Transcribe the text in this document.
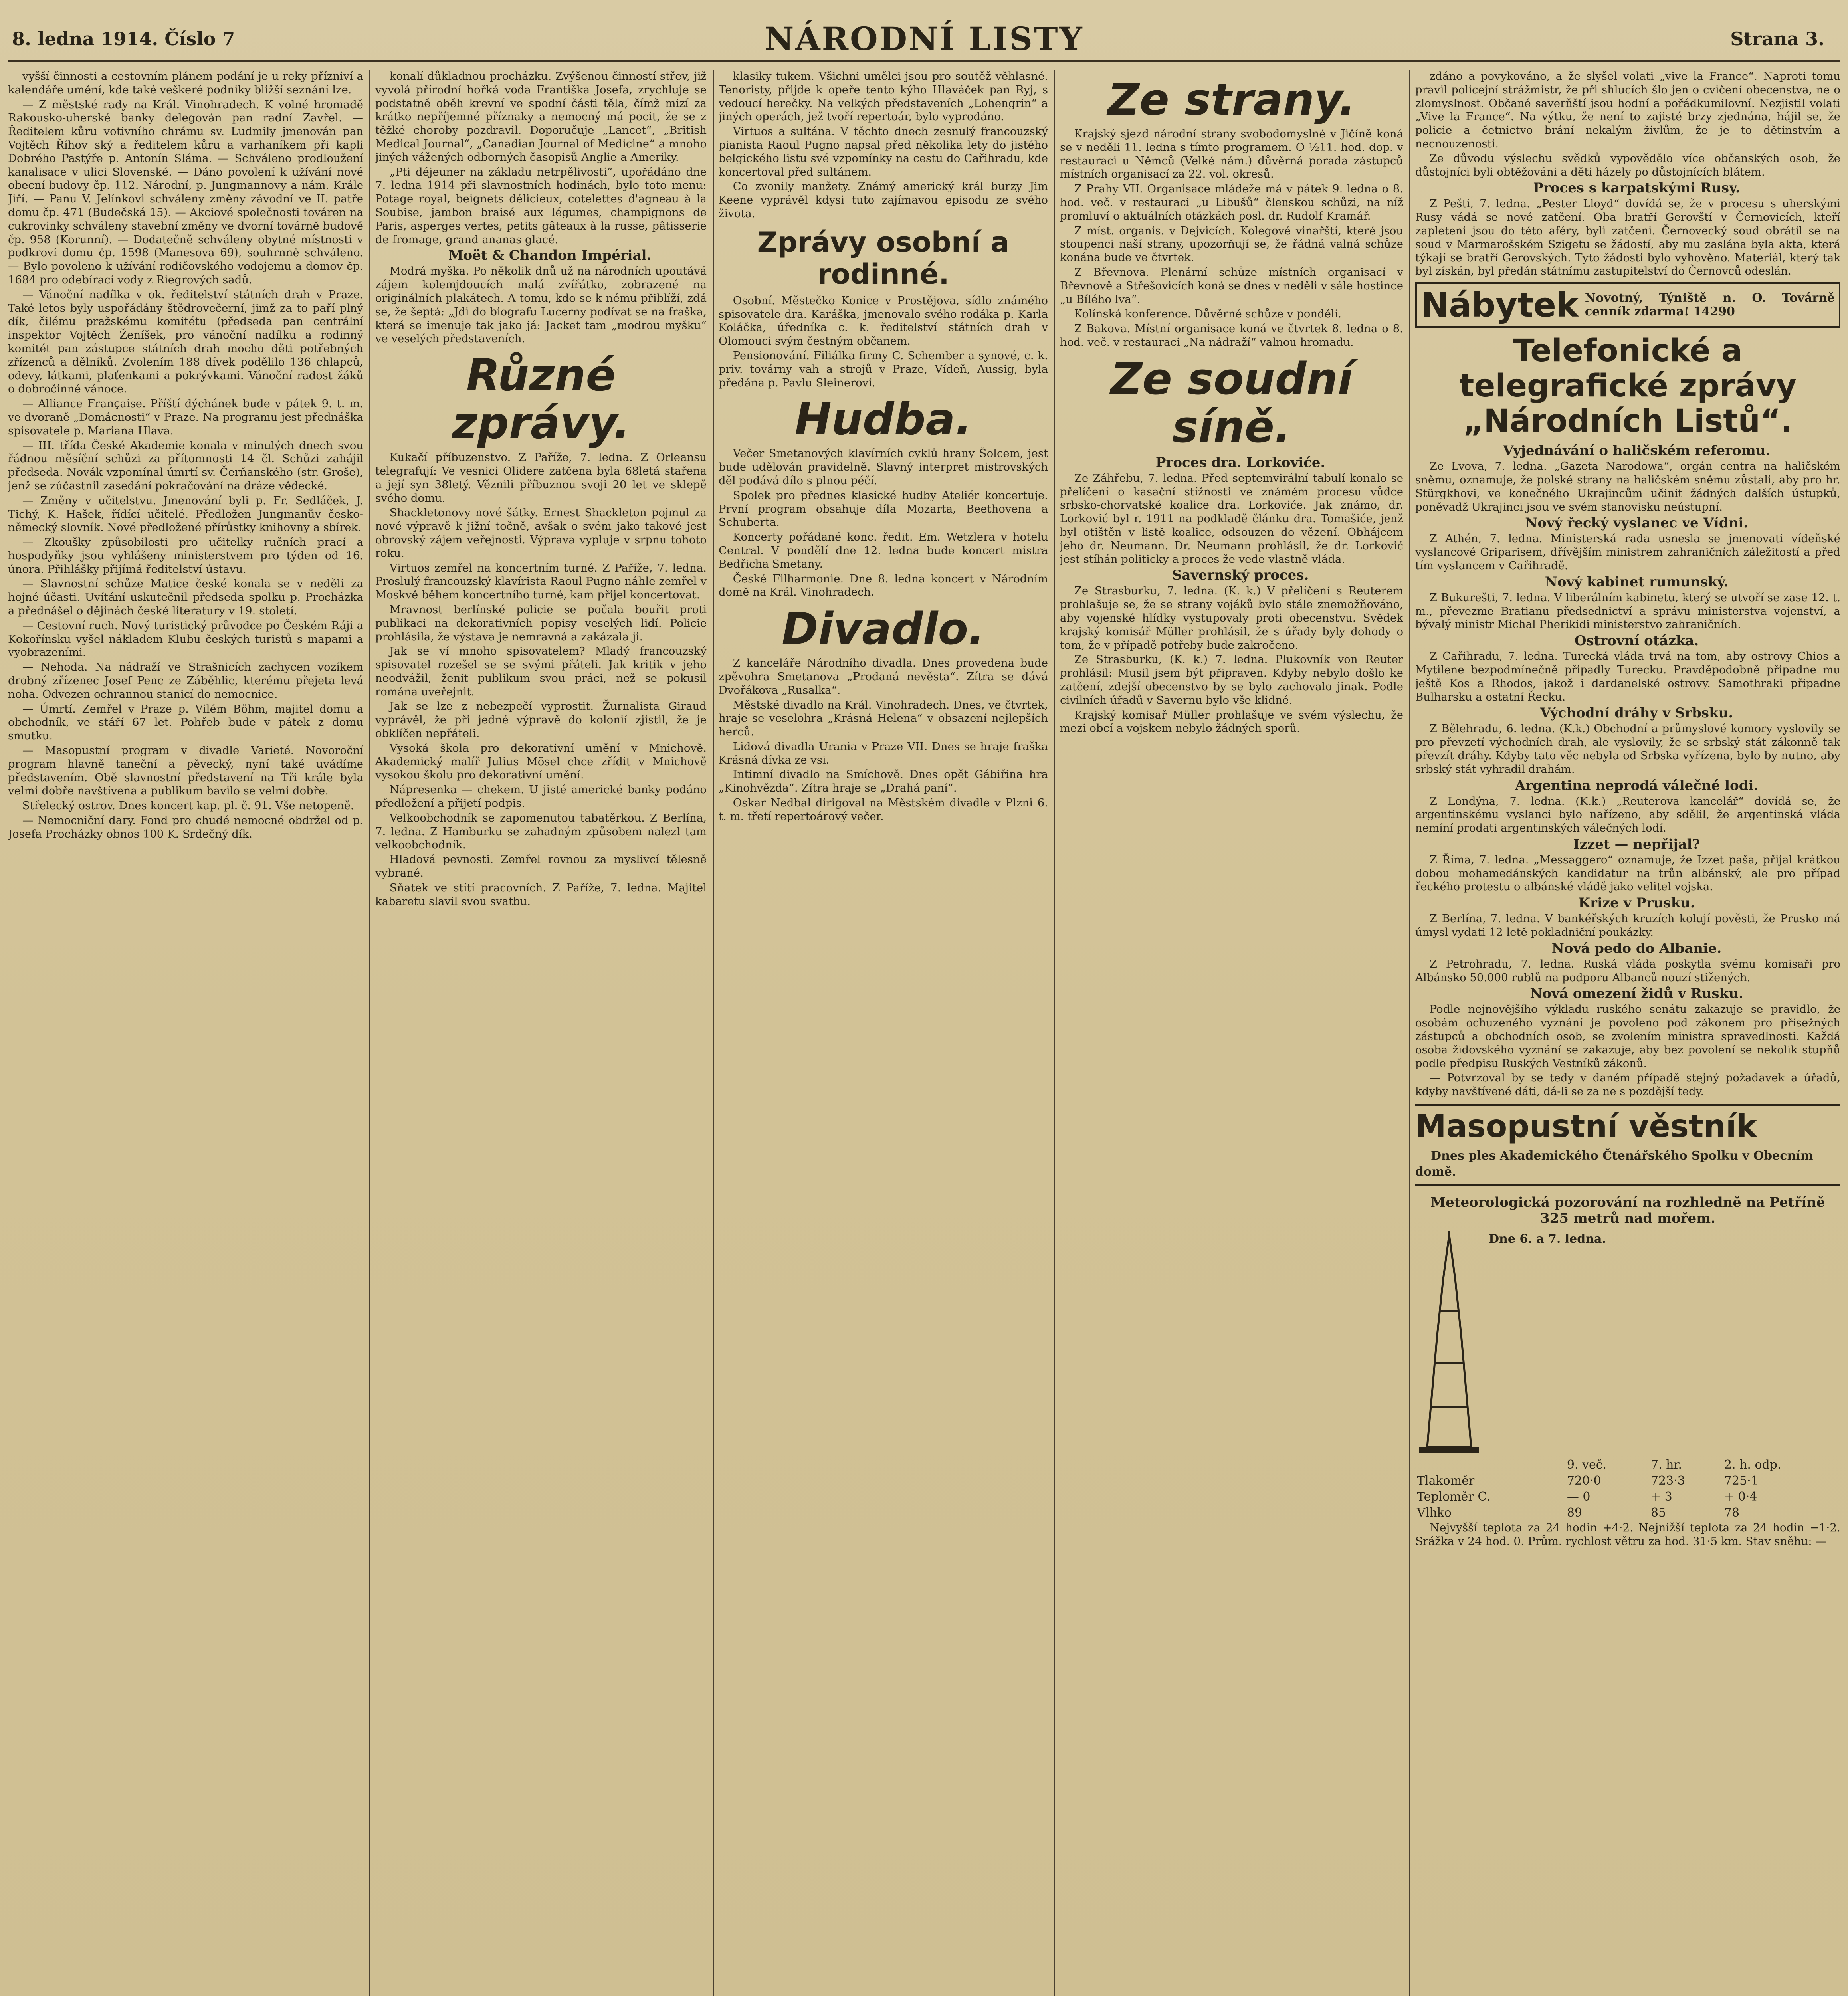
8. ledna 1914. Číslo 7	NÁRODNÍ LISTY	Strana 3.

vyšší činnosti a cestovním plánem podání je u reky přízniví a kalendáře umění, kde také veškeré podniky bližší seznání lze.

— Z městské rady na Král. Vinohradech. K volné hromadě Rakousko-uherské banky delegován pan radní Zavřel. — Ředitelem kůru votivního chrámu sv. Ludmily jmenován pan Vojtěch Říhov ský a ředitelem kůru a varhaníkem při kapli Dobrého Pastýře p. Antonín Sláma. — Schváleno prodloužení kanalisace v ulici Slovenské. — Dáno povolení k užívání nové obecní budovy čp. 112. Národní, p. Jungmannovy a nám. Krále Jiří. — Panu V. Jelínkovi schváleny změny závodní ve II. patře domu čp. 471 (Budečská 15). — Akciové společnosti továren na cukrovinky schváleny stavební změny ve dvorní továrně budově čp. 958 (Korunní). — Dodatečně schváleny obytné místnosti v podkroví domu čp. 1598 (Manesova 69), souhrnně schváleno. — Bylo povoleno k užívání rodičovského vodojemu a domov čp. 1684 pro odebírací vody z Riegrových sadů.

— Vánoční nadílka v ok. ředitelství státních drah v Praze. Také letos byly uspořádány štědrovečerní, jimž za to paří plný dík, čilému pražskému komitétu (předseda pan centrální inspektor Vojtěch Ženíšek, pro vánoční nadílku a rodinný komitét pan zástupce státních drah mocho děti potřebných zřízenců a dělníků. Zvolením 188 dívek podělilo 136 chlapců, odevy, látkami, plaťenkami a pokrývkami. Vánoční radost žáků o dobročinné vánoce.

— Alliance Française. Příští dýchánek bude v pátek 9. t. m. ve dvoraně „Domácnosti“ v Praze. Na programu jest přednáška spisovatele p. Mariana Hlava.

— III. třída České Akademie konala v minulých dnech svou řádnou měsíční schůzi za přítomnosti 14 čl. Schůzi zahájil předseda. Novák vzpomínal úmrtí sv. Čerňanského (str. Groše), jenž se zúčastnil zasedání pokračování na dráze vědecké.

— Změny v učitelstvu. Jmenování byli p. Fr. Sedláček, J. Tichý, K. Hašek, řídící učitelé. Předložen Jungmanův česko-německý slovník. Nové předložené přírůstky knihovny a sbírek.

— Zkoušky způsobilosti pro učitelky ručních prací a hospodyňky jsou vyhlášeny ministerstvem pro týden od 16. února. Přihlášky přijímá ředitelství ústavu.

— Slavnostní schůze Matice české konala se v neděli za hojné účasti. Uvítání uskutečnil předseda spolku p. Procházka a přednášel o dějinách české literatury v 19. století.

— Cestovní ruch. Nový turistický průvodce po Českém Ráji a Kokořínsku vyšel nákladem Klubu českých turistů s mapami a vyobrazeními.

— Nehoda. Na nádraží ve Strašnicích zachycen vozíkem drobný zřízenec Josef Penc ze Záběhlic, kterému přejeta levá noha. Odvezen ochrannou stanicí do nemocnice.

— Úmrtí. Zemřel v Praze p. Vilém Böhm, majitel domu a obchodník, ve stáří 67 let. Pohřeb bude v pátek z domu smutku.

— Masopustní program v divadle Varieté. Novoroční program hlavně taneční a pěvecký, nyní také uvádíme představením. Obě slavnostní představení na Tři krále byla velmi dobře navštívena a publikum bavilo se velmi dobře.

Střelecký ostrov. Dnes koncert kap. pl. č. 91. Vše netopeně.

— Nemocniční dary. Fond pro chudé nemocné obdržel od p. Josefa Procházky obnos 100 K. Srdečný dík.

konalí důkladnou procházku. Zvýšenou činností střev, již vyvolá přírodní hořká voda Františka Josefa, zrychluje se podstatně oběh krevní ve spodní části těla, čímž mizí za krátko nepříjemné příznaky a nemocný má pocit, že se z těžké choroby pozdravil. Doporučuje „Lancet“, „British Medical Journal“, „Canadian Journal of Medicine“ a mnoho jiných vážených odborných časopisů Anglie a Ameriky.

„Pti déjeuner na základu netrpělivosti“, upořádáno dne 7. ledna 1914 při slavnostních hodinách, bylo toto menu: Potage royal, beignets délicieux, cotelettes d'agneau à la Soubise, jambon braisé aux légumes, champignons de Paris, asperges vertes, petits gâteaux à la russe, pâtisserie de fromage, grand ananas glacé.

Moët & Chandon Impérial.

Modrá myška. Po několik dnů už na národních upoutává zájem kolemjdoucích malá zvířátko, zobrazené na originálních plakátech. A tomu, kdo se k nému přiblíží, zdá se, že šeptá: „Jdi do biografu Lucerny podívat se na fraška, která se imenuje tak jako já: Jacket tam „modrou myšku“ ve veselých představeních.

Různé zprávy.

Kukačí příbuzenstvo. Z Paříže, 7. ledna. Z Orleansu telegrafují: Ve vesnici Olidere zatčena byla 68letá stařena a její syn 38letý. Věznili příbuznou svoji 20 let ve sklepě svého domu.

Shackletonovy nové šátky. Ernest Shackleton pojmul za nové výpravě k jižní točně, avšak o svém jako takové jest obrovský zájem veřejnosti. Výprava vypluje v srpnu tohoto roku.

Virtuos zemřel na koncertním turné. Z Paříže, 7. ledna. Proslulý francouzský klavírista Raoul Pugno náhle zemřel v Moskvě během koncertního turné, kam přijel koncertovat.

Mravnost berlínské policie se počala bouřit proti publikaci na dekorativních popisy veselých lidí. Policie prohlásila, že výstava je nemravná a zakázala ji.

Jak se ví mnoho spisovatelem? Mladý francouzský spisovatel rozešel se se svými přáteli. Jak kritik v jeho neodvážil, ženit publikum svou práci, než se pokusil romána uveřejnit.

Jak se lze z nebezpečí vyprostit. Žurnalista Giraud vyprávěl, že při jedné výpravě do kolonií zjistil, že je obklíčen nepřáteli.

Vysoká škola pro dekorativní umění v Mnichově. Akademický malíř Julius Mösel chce zřídit v Mnichově vysokou školu pro dekorativní umění.

Nápresenka — chekem. U jisté americké banky podáno předložení a přijetí podpis.

Velkoobchodník se zapomenutou tabatěrkou. Z Berlína, 7. ledna. Z Hamburku se zahadným způsobem nalezl tam velkoobchodník.

Hladová pevnosti. Zemřel rovnou za myslivcí tělesně vybrané.

Sňatek ve stítí pracovních. Z Paříže, 7. ledna. Majitel kabaretu slavil svou svatbu.

klasiky tukem. Všichni umělci jsou pro soutěž věhlasné. Tenoristy, přijde k opeře tento kýho Hlaváček pan Ryj, s vedoucí herečky. Na velkých představeních „Lohengrin“ a jiných operách, jež tvoří repertoár, bylo vyprodáno.

Virtuos a sultána. V těchto dnech zesnulý francouzský pianista Raoul Pugno napsal před několika lety do jistého belgického listu své vzpomínky na cestu do Cařihradu, kde koncertoval před sultánem.

Co zvonily manžety. Známý americký král burzy Jim Keene vyprávěl kdysi tuto zajímavou episodu ze svého života.

Zprávy osobní a rodinné.

Osobní. Městečko Konice v Prostějova, sídlo známého spisovatele dra. Karáška, jmenovalo svého rodáka p. Karla Koláčka, úředníka c. k. ředitelství státních drah v Olomouci svým čestným občanem.

Pensionování. Filiálka firmy C. Schember a synové, c. k. priv. továrny vah a strojů v Praze, Vídeň, Aussig, byla předána p. Pavlu Sleinerovi.

Hudba.

Večer Smetanových klavírních cyklů hrany Šolcem, jest bude udělován pravidelně. Slavný interpret mistrovských děl podává dílo s plnou péčí.

Spolek pro přednes klasické hudby Ateliér koncertuje. První program obsahuje díla Mozarta, Beethovena a Schuberta.

Koncerty pořádané konc. ředit. Em. Wetzlera v hotelu Central. V pondělí dne 12. ledna bude koncert mistra Bedřicha Smetany.

České Filharmonie. Dne 8. ledna koncert v Národním domě na Král. Vinohradech.

Divadlo.

Z kanceláře Národního divadla. Dnes provedena bude zpěvohra Smetanova „Prodaná nevěsta“. Zítra se dává Dvořákova „Rusalka“.

Městské divadlo na Král. Vinohradech. Dnes, ve čtvrtek, hraje se veselohra „Krásná Helena“ v obsazení nejlepších herců.

Lidová divadla Urania v Praze VII. Dnes se hraje fraška Krásná dívka ze vsi.

Intimní divadlo na Smíchově. Dnes opět Gábiřina hra „Kinohvězda“. Zítra hraje se „Drahá paní“.

Oskar Nedbal dirigoval na Městském divadle v Plzni 6. t. m. třetí repertoárový večer.

Ze strany.

Krajský sjezd národní strany svobodomyslné v Jičíně koná se v neděli 11. ledna s tímto programem. O ½11. hod. dop. v restauraci u Němců (Velké nám.) důvěrná porada zástupců místních organisací za 22. vol. okresů.

Z Prahy VII. Organisace mládeže má v pátek 9. ledna o 8. hod. več. v restauraci „u Libušů“ členskou schůzi, na níž promluví o aktuálních otázkách posl. dr. Rudolf Kramář.

Z míst. organis. v Dejvicích. Kolegové vinařští, které jsou stoupenci naší strany, upozorňují se, že řádná valná schůze konána bude ve čtvrtek.

Z Břevnova. Plenární schůze místních organisací v Břevnově a Střešovicích koná se dnes v neděli v sále hostince „u Bílého lva“.

Kolínská konference. Důvěrné schůze v pondělí.

Z Bakova. Místní organisace koná ve čtvrtek 8. ledna o 8. hod. več. v restauraci „Na nádraží“ valnou hromadu.

Ze soudní síně.

Proces dra. Lorkoviće.

Ze Záhřebu, 7. ledna. Před septemvirální tabulí konalo se přelíčení o kasační stížnosti ve známém procesu vůdce srbsko-chorvatské koalice dra. Lorkoviće. Jak známo, dr. Lorković byl r. 1911 na podkladě článku dra. Tomašiće, jenž byl otištěn v listě koalice, odsouzen do vězení. Obhájcem jeho dr. Neumann. Dr. Neumann prohlásil, že dr. Lorković jest stíhán politicky a proces že vede vlastně vláda.

Savernský proces.

Ze Strasburku, 7. ledna. (K. k.) V přelíčení s Reuterem prohlašuje se, že se strany vojáků bylo stále znemožňováno, aby vojenské hlídky vystupovaly proti obecenstvu. Svědek krajský komisář Müller prohlásil, že s úřady byly dohody o tom, že v případě potřeby bude zakročeno.

Ze Strasburku, (K. k.) 7. ledna. Plukovník von Reuter prohlásil: Musil jsem být připraven. Kdyby nebylo došlo ke zatčení, zdejší obecenstvo by se bylo zachovalo jinak. Podle civilních úřadů v Savernu bylo vše klidné.

Krajský komisař Müller prohlašuje ve svém výslechu, že mezi obcí a vojskem nebylo žádných sporů.

zdáno a povykováno, a že slyšel volati „vive la France“. Naproti tomu pravil policejní strážmistr, že při shlucích šlo jen o cvičení obecenstva, ne o zlomyslnost. Občané saverňští jsou hodní a pořádkumilovní. Nezjistil volati „Vive la France“. Na výtku, že není to zajisté brzy zjednána, hájil se, že policie a četnictvo brání nekalým živlům, že je to dětinstvím a necnouzenosti.

Ze důvodu výslechu svědků vypovědělo více občanských osob, že důstojníci byli obtěžováni a děti házely po důstojnících blátem.

Proces s karpatskými Rusy.

Z Pešti, 7. ledna. „Pester Lloyd“ dovídá se, že v procesu s uherskými Rusy vádá se nové zatčení. Oba bratří Gerovští v Černovicích, kteří zapleteni jsou do této aféry, byli zatčeni. Černovecký soud obrátil se na soud v Marmarošském Szigetu se žádostí, aby mu zaslána byla akta, která týkají se bratří Gerovských. Tyto žádosti bylo vyhověno. Materiál, který tak byl získán, byl předán státnímu zastupitelství do Černovců odeslán.

Nábytek Novotný, Týniště n. O. Továrně cenník zdarma! 14290
Telefonické a telegrafické zprávy „Národních Listů“.

Vyjednávání o haličském referomu.

Ze Lvova, 7. ledna. „Gazeta Narodowa“, orgán centra na haličském sněmu, oznamuje, že polské strany na haličském sněmu zůstali, aby pro hr. Stürgkhovi, ve konečného Ukrajincům učinit žádných dalších ústupků, poněvadž Ukrajinci jsou ve svém stanovisku neústupní.

Nový řecký vyslanec ve Vídni.

Z Athén, 7. ledna. Ministerská rada usnesla se jmenovati vídeňské vyslancové Griparisem, dřívějším ministrem zahraničních záležitostí a před tím vyslancem v Cařihradě.

Nový kabinet rumunský.

Z Bukurešti, 7. ledna. V liberálním kabinetu, který se utvoří se zase 12. t. m., převezme Bratianu předsednictví a správu ministerstva vojenství, a bývalý ministr Michal Pherikidi ministerstvo zahraničních.

Ostrovní otázka.

Z Cařihradu, 7. ledna. Turecká vláda trvá na tom, aby ostrovy Chios a Mytilene bezpodmínečně připadly Turecku. Pravděpodobně připadne mu ještě Kos a Rhodos, jakož i dardanelské ostrovy. Samothraki připadne Bulharsku a ostatní Řecku.

Východní dráhy v Srbsku.

Z Bělehradu, 6. ledna. (K.k.) Obchodní a průmyslové komory vyslovily se pro převzetí východních drah, ale vyslovily, že se srbský stát zákonně tak převzít dráhy. Kdyby tato věc nebyla od Srbska vyřízena, bylo by nutno, aby srbský stát vyhradil drahám.

Argentina neprodá válečné lodi.

Z Londýna, 7. ledna. (K.k.) „Reuterova kancelář“ dovídá se, že argentinskému vyslanci bylo nařízeno, aby sdělil, že argentinská vláda nemíní prodati argentinských válečných lodí.

Izzet — nepřijal?

Z Říma, 7. ledna. „Messaggero“ oznamuje, že Izzet paša, přijal krátkou dobou mohamedánských kandidatur na trůn albánský, ale pro případ řeckého protestu o albánské vládě jako velitel vojska.

Krize v Prusku.

Z Berlína, 7. ledna. V bankéřských kruzích kolují pověsti, že Prusko má úmysl vydati 12 letě pokladniční poukázky.

Nová pedo do Albanie.

Z Petrohradu, 7. ledna. Ruská vláda poskytla svému komisaři pro Albánsko 50.000 rublů na podporu Albanců nouzí stižených.

Nová omezení židů v Rusku.

Podle nejnovějšího výkladu ruského senátu zakazuje se pravidlo, že osobám ochuzeného vyznání je povoleno pod zákonem pro přísežných zástupců a obchodních osob, se zvolením ministra spravedlnosti. Každá osoba židovského vyznání se zakazuje, aby bez povolení se nekolik stupňů podle předpisu Ruských Vestníků zákonů.

— Potvrzoval by se tedy v daném případě stejný požadavek a úřadů, kdyby navštívené dáti, dá-li se za ne s pozdější tedy.

Masopustní věstník

Dnes ples Akademického Čtenářského Spolku v Obecním domě.

Meteorologická pozorování na rozhledně na Petříně 325 metrů nad mořem.
Dne 6. a 7. ledna.
	9. več.	7. hr.	2. h. odp.
Tlakoměr	720·0	723·3	725·1
Teploměr C.	— 0	+ 3	+ 0·4
Vlhko	89	85	78

Nejvyšší teplota za 24 hodin +4·2. Nejnižší teplota za 24 hodin −1·2. Srážka v 24 hod. 0. Prům. rychlost větru za hod. 31·5 km. Stav sněhu: —
